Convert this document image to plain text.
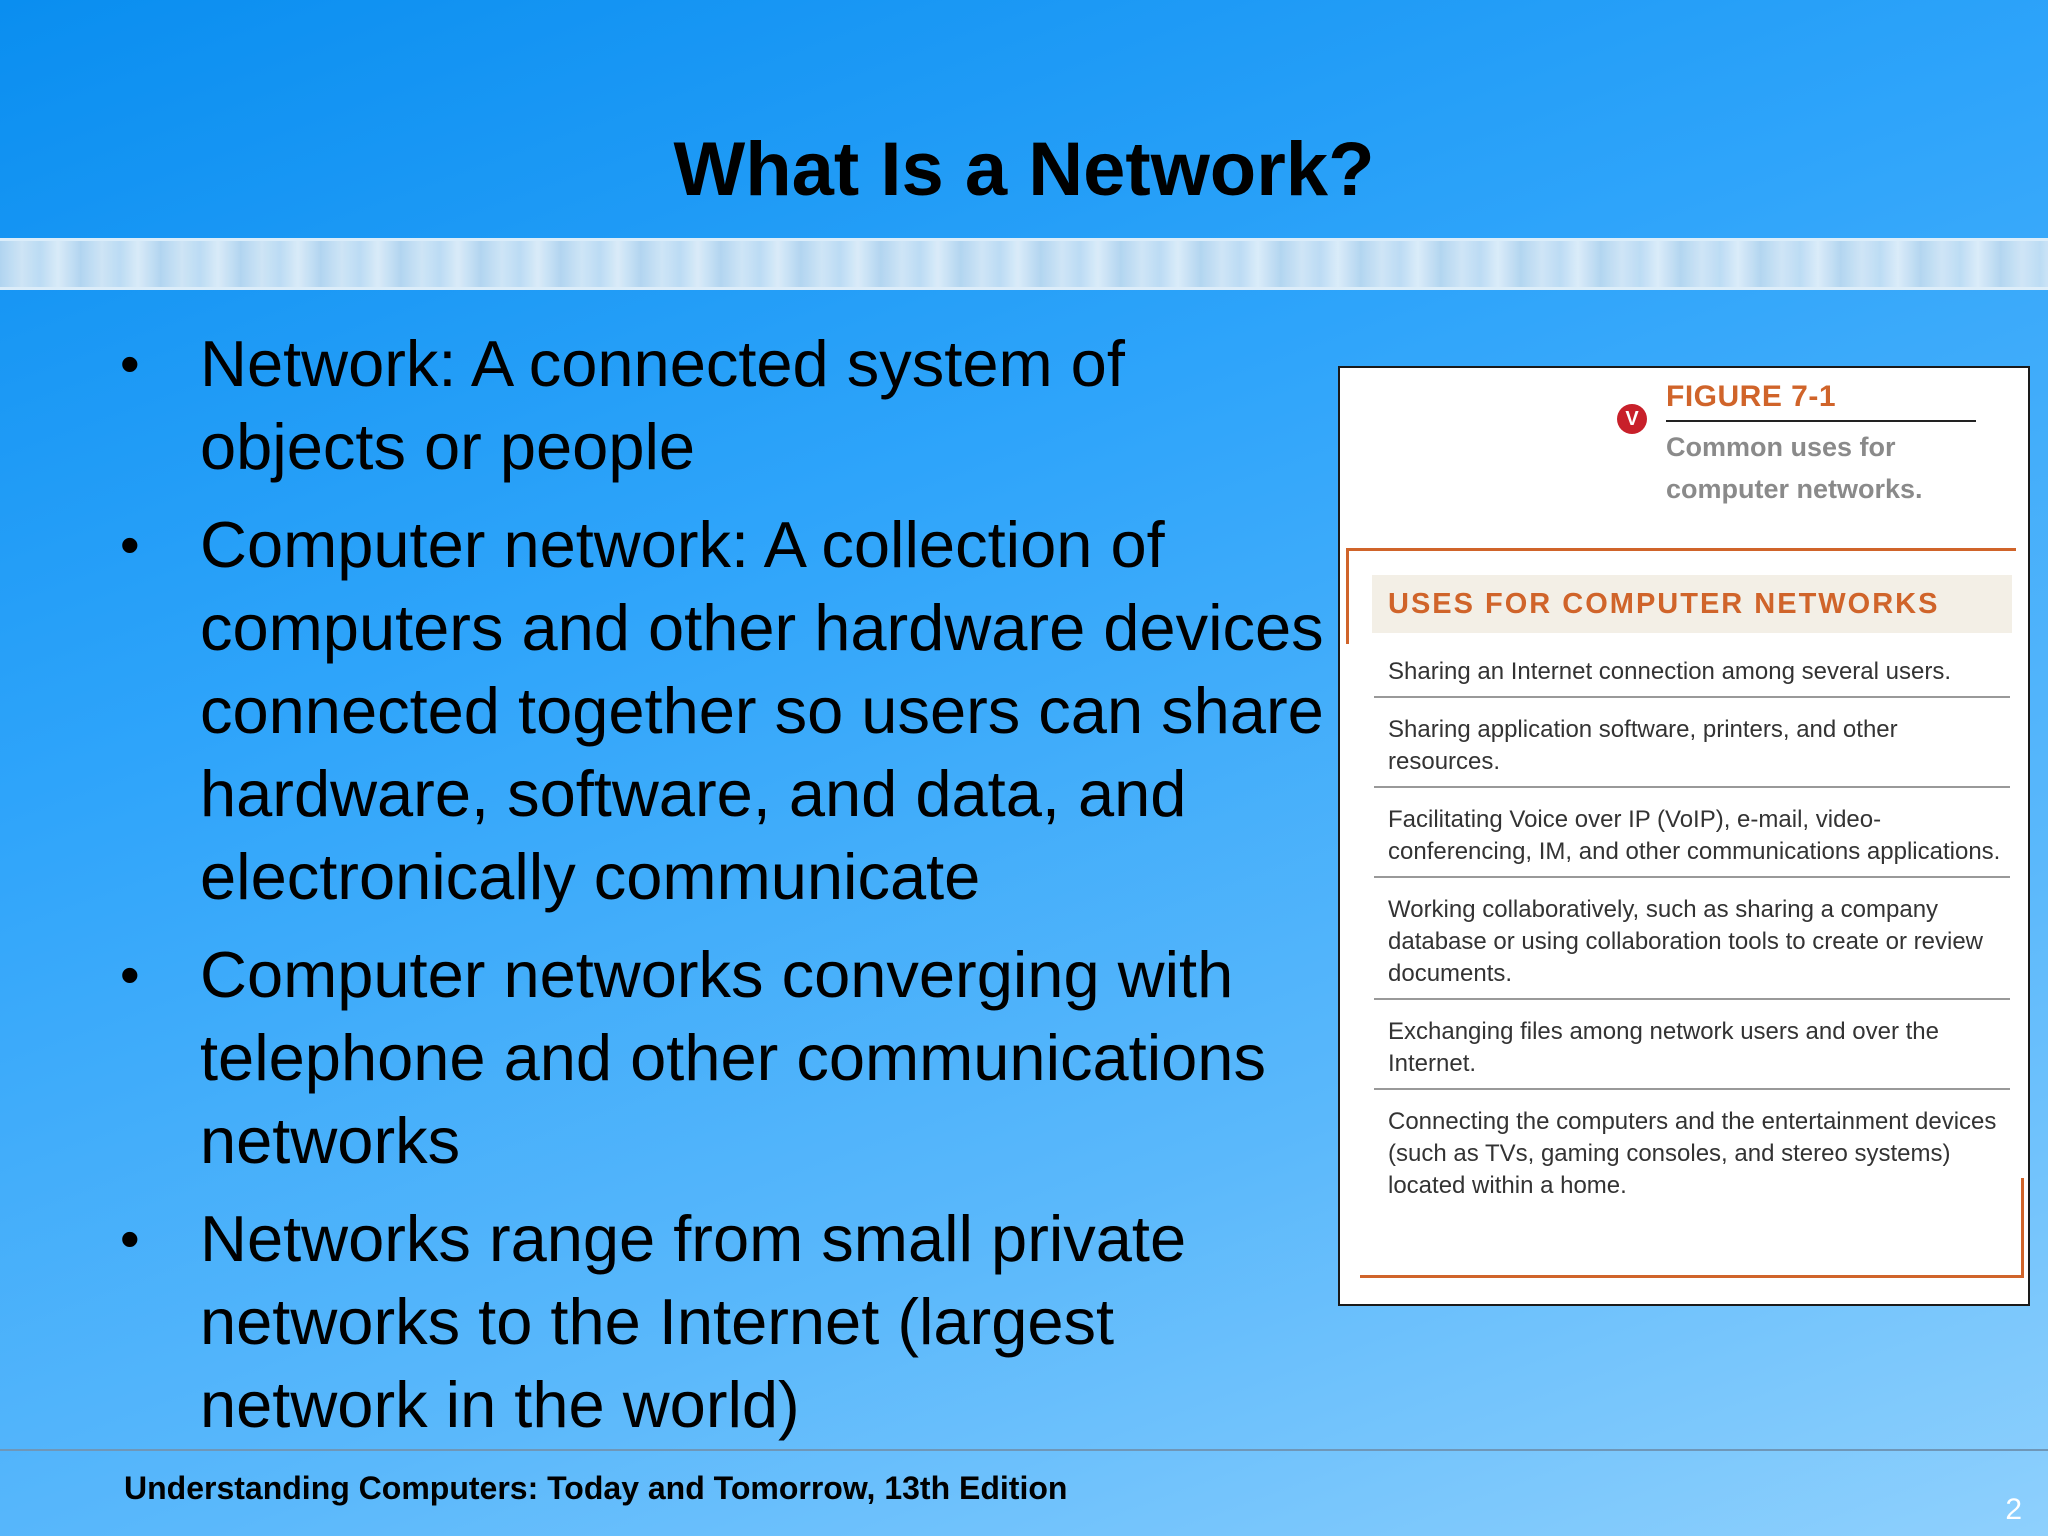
What Is a Network?
• Network: A connected system of objects or people
• Computer network: A collection of computers and other hardware devices connected together so users can share hardware, software, and data, and electronically communicate
• Computer networks converging with telephone and other communications networks
• Networks range from small private networks to the Internet (largest network in the world)
V
FIGURE 7-1
Common uses for computer networks.
USES FOR COMPUTER NETWORKS
Sharing an Internet connection among several users.
Sharing application software, printers, and other resources.
Facilitating Voice over IP (VoIP), e-mail, video-conferencing, IM, and other communications applications.
Working collaboratively, such as sharing a company database or using collaboration tools to create or review documents.
Exchanging files among network users and over the Internet.
Connecting the computers and the entertainment devices (such as TVs, gaming consoles, and stereo systems) located within a home.
Understanding Computers: Today and Tomorrow, 13th Edition
2
